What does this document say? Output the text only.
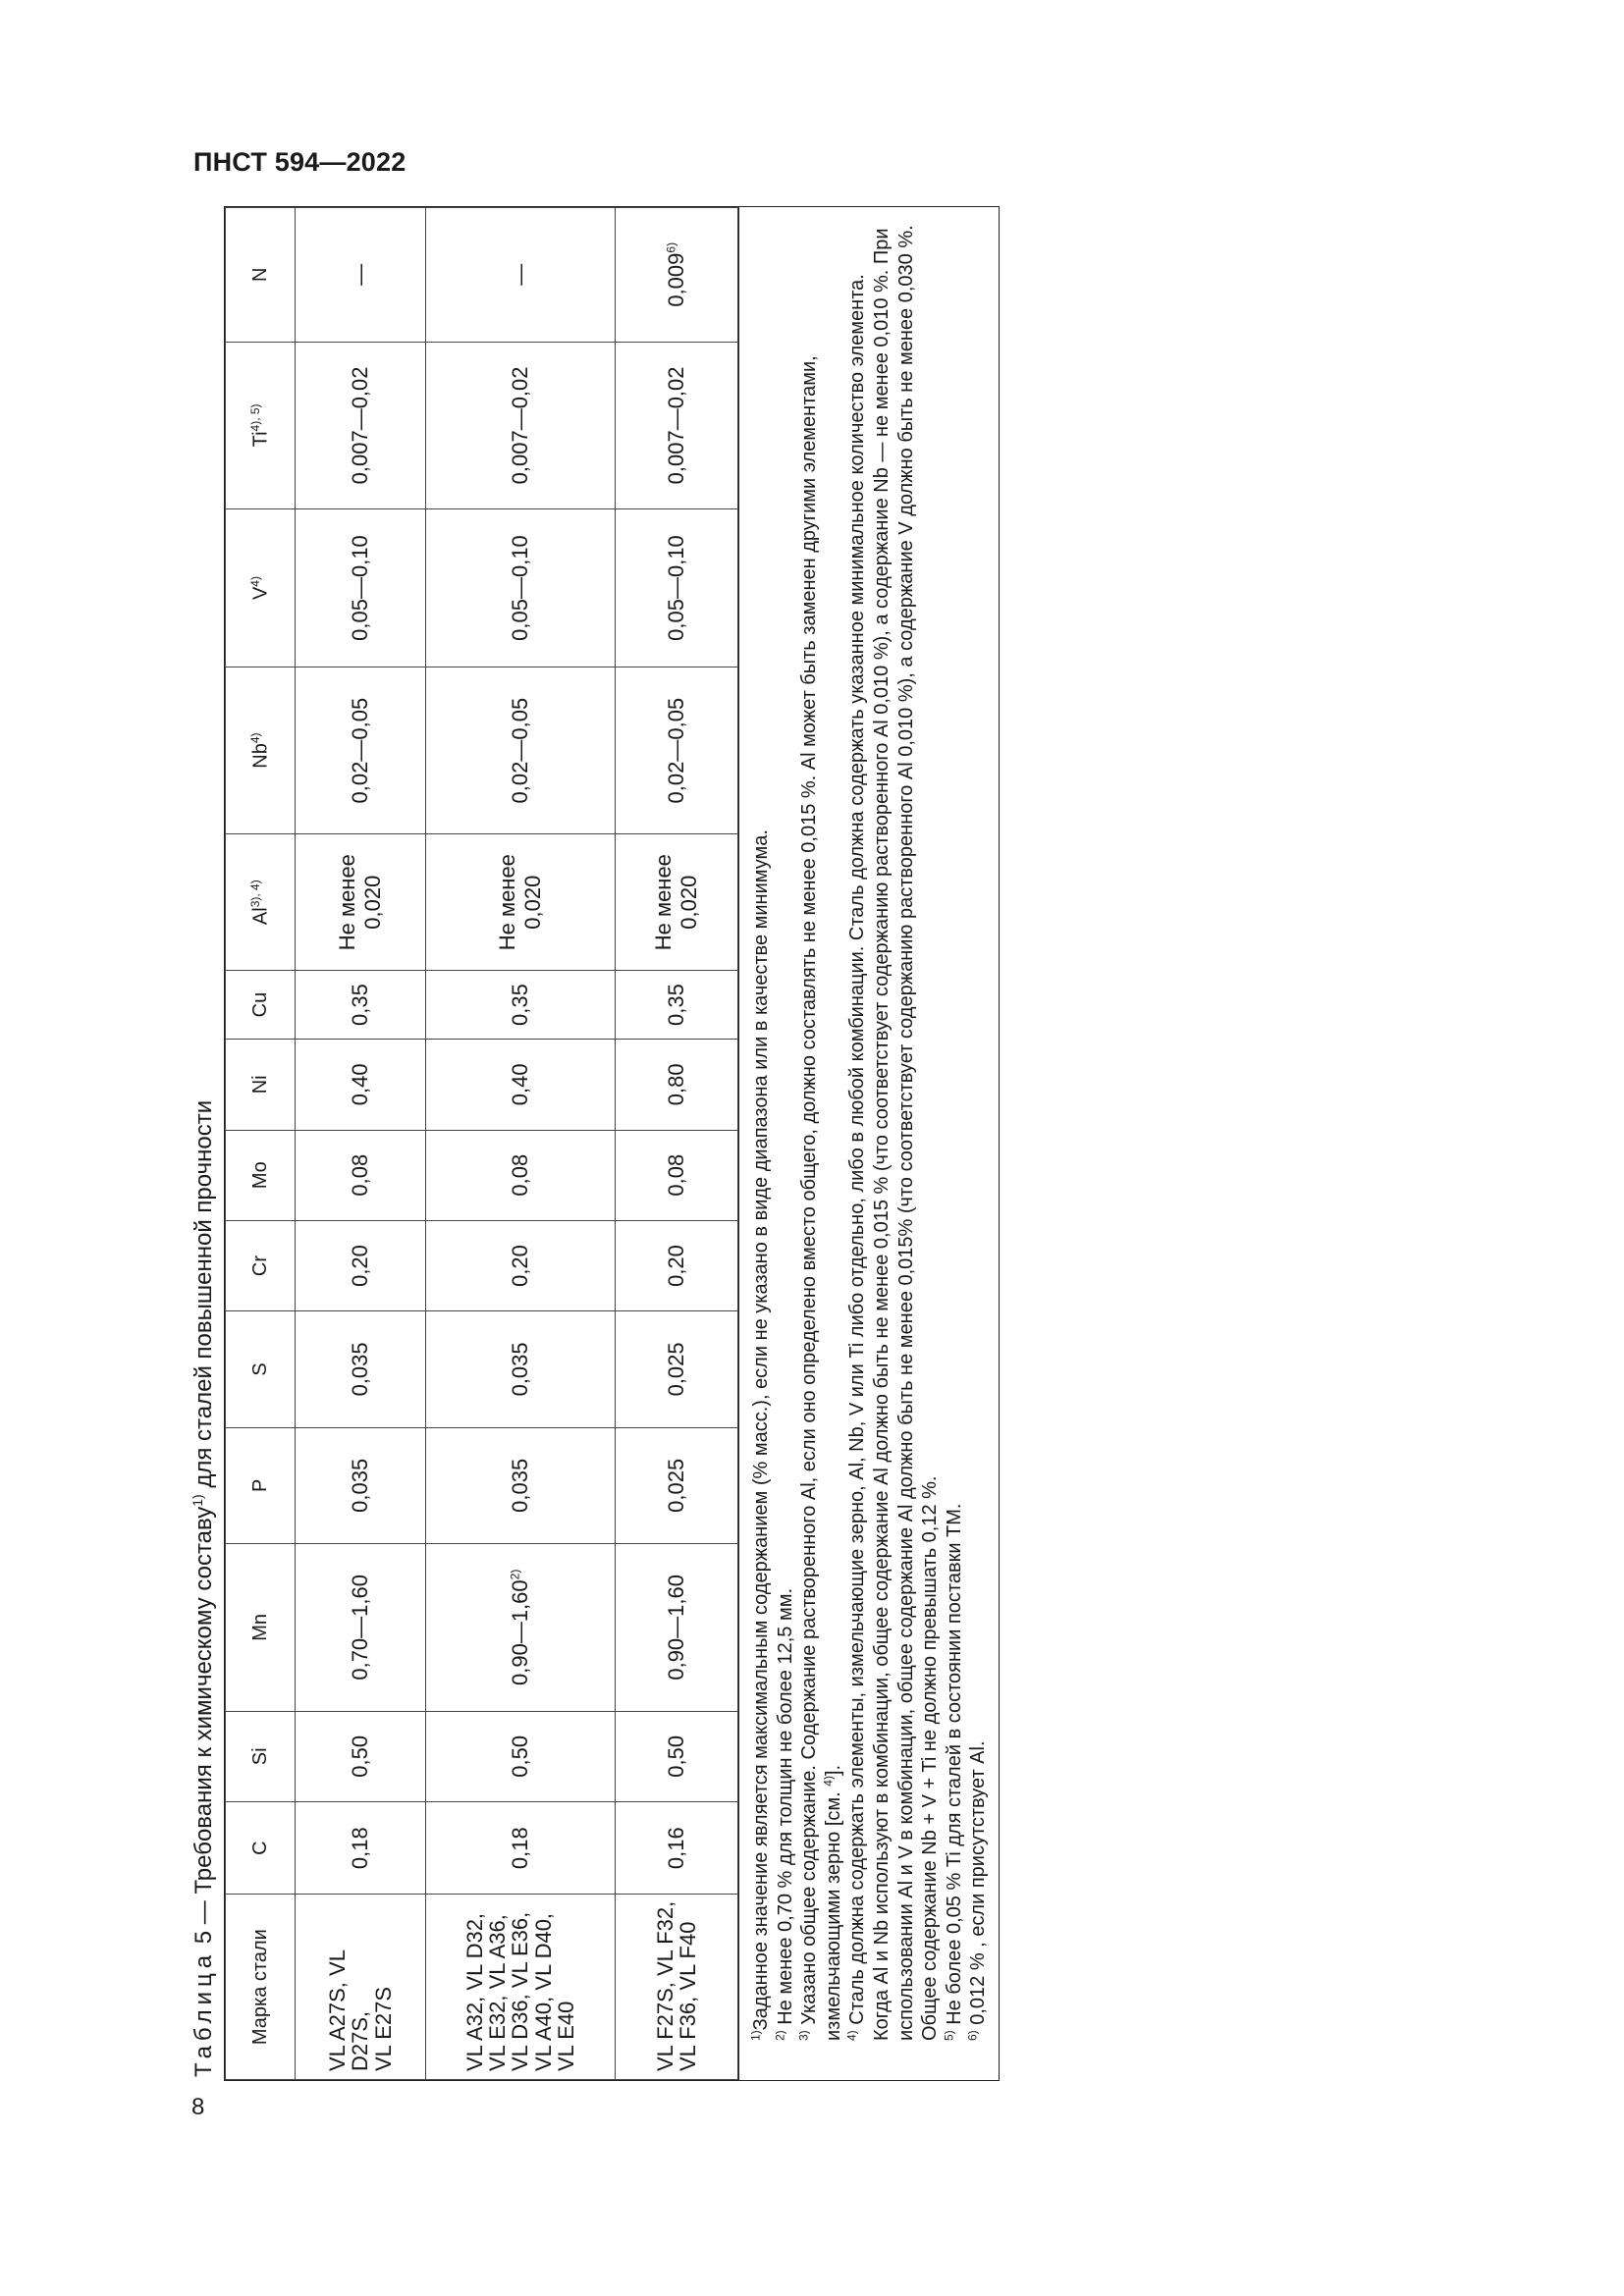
ПНСТ 594—2022
Таблица 5 — Требования к химическому составу$^{1)}$ для сталей повышенной прочности
Марка стали	C	Si	Mn	P	S	Cr	Mo	Ni	Cu	$Al^{3), 4)}$	Nb$^{4)}$	$V^{4)}$	$Ti^{4), 5)}$	N
VL A27S, VL D27S,
VL E27S	0,18	0,50	0,70—1,60	0,035	0,035	0,20	0,08	0,40	0,35	Не менее
0,020	0,02—0,05	0,05—0,10	0,007—0,02	—
VL A32, VL D32,
VL E32, VL A36,
VL D36, VL E36,
VL A40, VL D40,
VL E40	0,18	0,50	0,90—1,60$^{2)}$	0,035	0,035	0,20	0,08	0,40	0,35	Не менее
0,020	0,02—0,05	0,05—0,10	0,007—0,02	—
VL F27S, VL F32,
VL F36, VL F40	0,16	0,50	0,90—1,60	0,025	0,025	0,20	0,08	0,80	0,35	Не менее
0,020	0,02—0,05	0,05—0,10	0,007—0,02	0,009$^{6)}$

$^{1)}$Заданное значение является максимальным содержанием (% масс.), если не указано в виде диапазона или в качестве минимума.

$^{2)}$ Не менее 0,70 % для толщин не более 12,5 мм.

$^{3)}$ Указано общее содержание. Содержание растворенного Al, если оно определено вместо общего, должно составлять не менее 0,015 %. Al может быть заменен другими элементами, измельчающими зерно [см. $^{4)}$].

$^{4)}$ Сталь должна содержать элементы, измельчающие зерно, Al, Nb, V или Ti либо отдельно, либо в любой комбинации. Сталь должна содержать указанное минимальное количество элемента. Когда Al и Nb используют в комбинации, общее содержание Al должно быть не менее 0,015 % (что соответствует содержанию растворенного Al 0,010 %), а содержание Nb — не менее 0,010 %. При использовании Al и V в комбинации, общее содержание Al должно быть не менее 0,015% (что соответствует содержанию растворенного Al 0,010 %), а содержание V должно быть не менее 0,030 %. Общее содержание Nb + V + Ti не должно превышать 0,12 %. $^{5)}$ Не более 0,05 % Ti для сталей в состоянии поставки ТМ.

$^{6)}$ 0,012 % , если присутствует Al.

8
